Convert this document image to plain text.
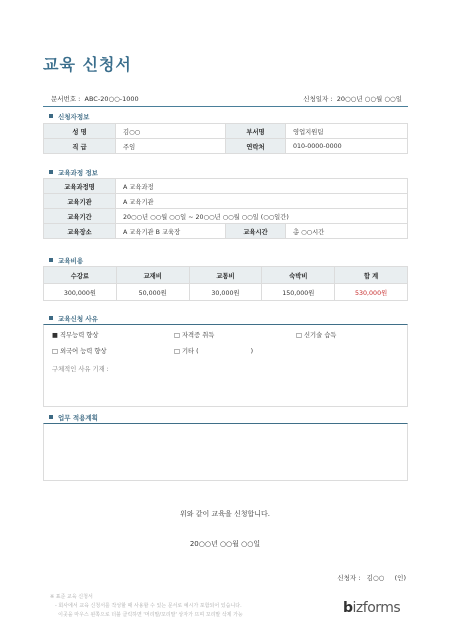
교육 신청서
문서번호 : ABC-20○○-1000	신청일자 : 20○○년 ○○월 ○○일
신청자정보
성 명	김○○	부서명	영업지원팀
직 급	주임	연락처	010-0000-0000
교육과정 정보
교육과정명	A 교육과정		
교육기관	A 교육기관		
교육기간	20○○년 ○○월 ○○일 ~ 20○○년 ○○월 ○○일 (○○일간)		
교육장소	A 교육기관 B 교육장	교육시간	총 ○○시간
교육비용
수강료	교재비	교통비	숙박비	합 계
300,000원	50,000원	30,000원	150,000원	530,000원
교육신청 사유
■ 직무능력 향상	□ 자격증 취득	□ 신기술 습득
□ 외국어 능력 향상	□ 기타 (                          )
구체적인 사유 기재 :
업무 적용계획
위와 같이 교육을 신청합니다.
20○○년 ○○월 ○○일
신청자 : 김○○ (인)
※ 표준 교육 신청서
- 회사에서 교육 신청서를 작성할 때 사용할 수 있는 문서로 예시가 포함되어 있습니다.
이곳을 마우스 왼쪽으로 더블 클릭하면 '머리말/꼬리말' 상자가 뜨며 꼬리말 삭제 가능	bizforms
